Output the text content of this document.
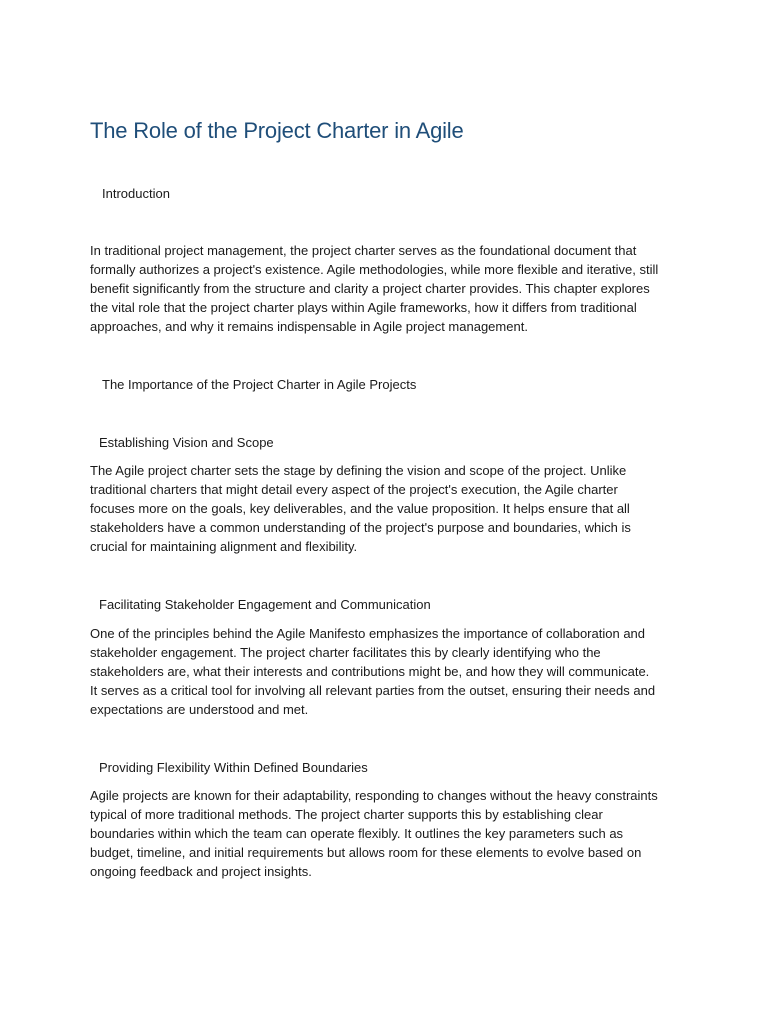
The Role of the Project Charter in Agile
Introduction
In traditional project management, the project charter serves as the foundational document that
formally authorizes a project's existence. Agile methodologies, while more flexible and iterative, still
benefit significantly from the structure and clarity a project charter provides. This chapter explores
the vital role that the project charter plays within Agile frameworks, how it differs from traditional
approaches, and why it remains indispensable in Agile project management.
The Importance of the Project Charter in Agile Projects
Establishing Vision and Scope
The Agile project charter sets the stage by defining the vision and scope of the project. Unlike
traditional charters that might detail every aspect of the project's execution, the Agile charter
focuses more on the goals, key deliverables, and the value proposition. It helps ensure that all
stakeholders have a common understanding of the project's purpose and boundaries, which is
crucial for maintaining alignment and flexibility.
Facilitating Stakeholder Engagement and Communication
One of the principles behind the Agile Manifesto emphasizes the importance of collaboration and
stakeholder engagement. The project charter facilitates this by clearly identifying who the
stakeholders are, what their interests and contributions might be, and how they will communicate.
It serves as a critical tool for involving all relevant parties from the outset, ensuring their needs and
expectations are understood and met.
Providing Flexibility Within Defined Boundaries
Agile projects are known for their adaptability, responding to changes without the heavy constraints
typical of more traditional methods. The project charter supports this by establishing clear
boundaries within which the team can operate flexibly. It outlines the key parameters such as
budget, timeline, and initial requirements but allows room for these elements to evolve based on
ongoing feedback and project insights.
